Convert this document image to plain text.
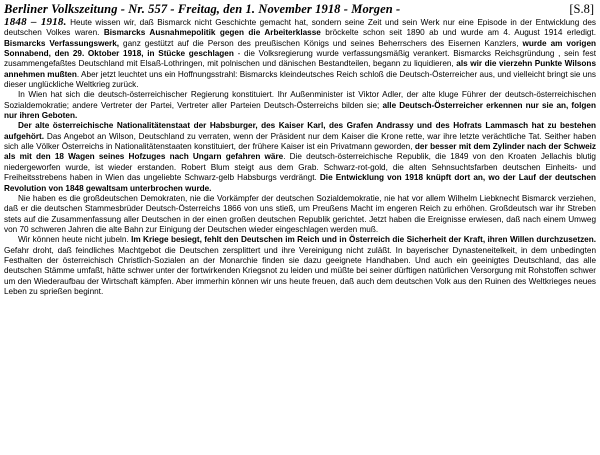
Berliner Volkszeitung - Nr. 557 - Freitag, den 1. November 1918 - Morgen -	[S.8]

1848 – 1918. Heute wissen wir, daß Bismarck nicht Geschichte gemacht hat, sondern seine Zeit und sein Werk nur eine Episode in der Entwicklung des deutschen Volkes waren. Bismarcks Ausnahmepolitik gegen die Arbeiterklasse bröckelte schon seit 1890 ab und wurde am 4. August 1914 erledigt. Bismarcks Verfassungswerk, ganz gestützt auf die Person des preußischen Königs und seines Beherrschers des Eisernen Kanzlers, wurde am vorigen Sonnabend, den 29. Oktober 1918, in Stücke geschlagen - die Volksregierung wurde verfassungsmäßig verankert. Bismarcks Reichsgründung , sein fest zusammengefaßtes Deutschland mit Elsaß-Lothringen, mit polnischen und dänischen Bestandteilen, begann zu liquidieren, als wir die vierzehn Punkte Wilsons annehmen mußten. Aber jetzt leuchtet uns ein Hoffnungsstrahl: Bismarcks kleindeutsches Reich schloß die Deutsch-Österreicher aus, und vielleicht bringt sie uns dieser unglückliche Weltkrieg zurück.

In Wien hat sich die deutsch-österreichischer Regierung konstituiert. Ihr Außenminister ist Viktor Adler, der alte kluge Führer der deutsch-österreichischen Sozialdemokratie; andere Vertreter der Partei, Vertreter aller Parteien Deutsch-Österreichs bilden sie; alle Deutsch-Österreicher erkennen nur sie an, folgen nur ihren Geboten.

Der alte österreichische Nationalitätenstaat der Habsburger, des Kaiser Karl, des Grafen Andrassy und des Hofrats Lammasch hat zu bestehen aufgehört. Das Angebot an Wilson, Deutschland zu verraten, wenn der Präsident nur dem Kaiser die Krone rette, war ihre letzte verächtliche Tat. Seither haben sich alle Völker Österreichs in Nationalitätenstaaten konstituiert, der frühere Kaiser ist ein Privatmann geworden, der besser mit dem Zylinder nach der Schweiz als mit den 18 Wagen seines Hofzuges nach Ungarn gefahren wäre. Die deutsch-österreichische Republik, die 1849 von den Kroaten Jellachis blutig niedergeworfen wurde, ist wieder erstanden. Robert Blum steigt aus dem Grab. Schwarz-rot-gold, die alten Sehnsuchtsfarben deutschen Einheits- und Freiheitsstrebens haben in Wien das ungeliebte Schwarz-gelb Habsburgs verdrängt. Die Entwicklung von 1918 knüpft dort an, wo der Lauf der deutschen Revolution von 1848 gewaltsam unterbrochen wurde.

Nie haben es die großdeutschen Demokraten, nie die Vorkämpfer der deutschen Sozialdemokratie, nie hat vor allem Wilhelm Liebknecht Bismarck verziehen, daß er die deutschen Stammesbrüder Deutsch-Österreichs 1866 von uns stieß, um Preußens Macht im engeren Reich zu erhöhen. Großdeutsch war ihr Streben stets auf die Zusammenfassung aller Deutschen in der einen großen deutschen Republik gerichtet. Jetzt haben die Ereignisse erwiesen, daß nach einem Umweg von 70 schweren Jahren die alte Bahn zur Einigung der Deutschen wieder eingeschlagen werden muß.

Wir können heute nicht jubeln. Im Kriege besiegt, fehlt den Deutschen im Reich und in Österreich die Sicherheit der Kraft, ihren Willen durchzusetzen. Gefahr droht, daß feindliches Machtgebot die Deutschen zersplittert und ihre Vereinigung nicht zuläßt. In bayerischer Dynasteneitelkeit, in dem unbedingten Festhalten der österreichisch Christlich-Sozialen an der Monarchie finden sie dazu geeignete Handhaben. Und auch ein geeinigtes Deutschland, das alle deutschen Stämme umfaßt, hätte schwer unter der fortwirkenden Kriegsnot zu leiden und müßte bei seiner dürftigen natürlichen Versorgung mit Rohstoffen schwer um den Wiederaufbau der Wirtschaft kämpfen. Aber immerhin können wir uns heute freuen, daß auch dem deutschen Volk aus den Ruinen des Weltkrieges neues Leben zu sprießen beginnt.
